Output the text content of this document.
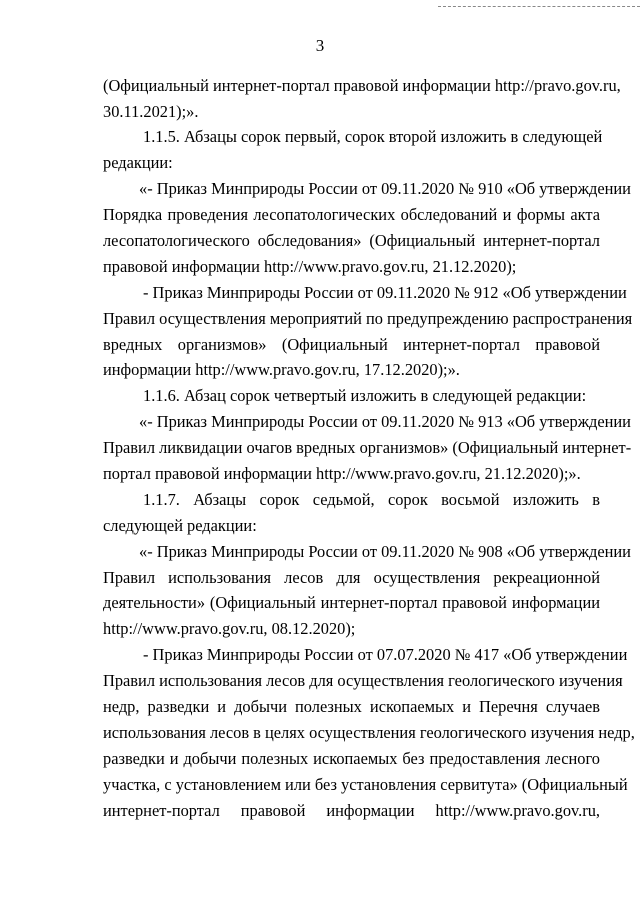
3
(Официальный интернет-портал правовой информации http://pravo.gov.ru,
30.11.2021);».
1.1.5. Абзацы сорок первый, сорок второй изложить в следующей
редакции:
«- Приказ Минприроды России от 09.11.2020 № 910 «Об утверждении
Порядка проведения лесопатологических обследований и формы акта
лесопатологического обследования» (Официальный интернет-портал
правовой информации http://www.pravo.gov.ru, 21.12.2020);
- Приказ Минприроды России от 09.11.2020 № 912 «Об утверждении
Правил осуществления мероприятий по предупреждению распространения
вредных организмов» (Официальный интернет-портал правовой
информации http://www.pravo.gov.ru, 17.12.2020);».
1.1.6. Абзац сорок четвертый изложить в следующей редакции:
«- Приказ Минприроды России от 09.11.2020 № 913 «Об утверждении
Правил ликвидации очагов вредных организмов» (Официальный интернет-
портал правовой информации http://www.pravo.gov.ru, 21.12.2020);».
1.1.7. Абзацы сорок седьмой, сорок восьмой изложить в
следующей редакции:
«- Приказ Минприроды России от 09.11.2020 № 908 «Об утверждении
Правил использования лесов для осуществления рекреационной
деятельности» (Официальный интернет-портал правовой информации
http://www.pravo.gov.ru, 08.12.2020);
- Приказ Минприроды России от 07.07.2020 № 417 «Об утверждении
Правил использования лесов для осуществления геологического изучения
недр, разведки и добычи полезных ископаемых и Перечня случаев
использования лесов в целях осуществления геологического изучения недр,
разведки и добычи полезных ископаемых без предоставления лесного
участка, с установлением или без установления сервитута» (Официальный
интернет-портал правовой информации http://www.pravo.gov.ru,
